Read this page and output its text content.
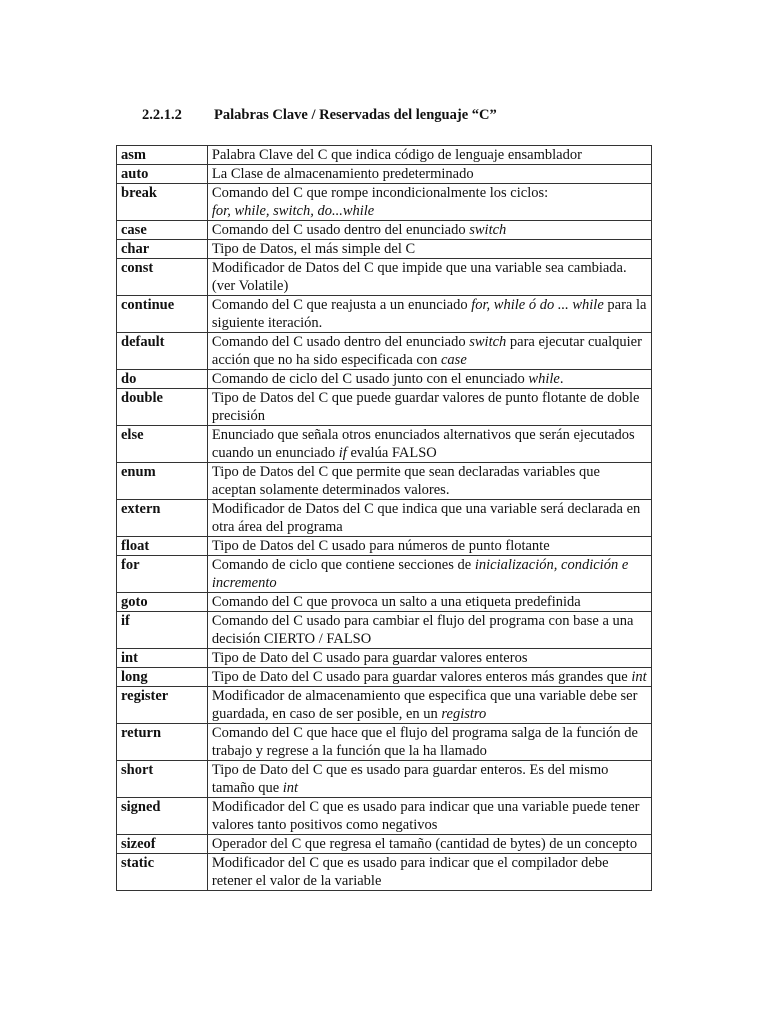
2.2.1.2	Palabras Clave / Reservadas del lenguaje “C”
asm	Palabra Clave del C que indica código de lenguaje ensamblador
auto	La Clase de almacenamiento predeterminado
break	Comando del C que rompe incondicionalmente los ciclos:
for, while, switch, do...while
case	Comando del C usado dentro del enunciado switch
char	Tipo de Datos, el más simple del C
const	Modificador de Datos del C que impide que una variable sea cambiada. (ver Volatile)
continue	Comando del C que reajusta a un enunciado for, while ó do ... while para la siguiente iteración.
default	Comando del C usado dentro del enunciado switch para ejecutar cualquier acción que no ha sido especificada con case
do	Comando de ciclo del C usado junto con el enunciado while.
double	Tipo de Datos del C que puede guardar valores de punto flotante de doble precisión
else	Enunciado que señala otros enunciados alternativos que serán ejecutados cuando un enunciado if evalúa FALSO
enum	Tipo de Datos del C que permite que sean declaradas variables que aceptan solamente determinados valores.
extern	Modificador de Datos del C que indica que una variable será declarada en otra área del programa
float	Tipo de Datos del C usado para números de punto flotante
for	Comando de ciclo que contiene secciones de inicialización, condición e incremento
goto	Comando del C que provoca un salto a una etiqueta predefinida
if	Comando del C usado para cambiar el flujo del programa con base a una decisión CIERTO / FALSO
int	Tipo de Dato del C usado para guardar valores enteros
long	Tipo de Dato del C usado para guardar valores enteros más grandes que int
register	Modificador de almacenamiento que especifica que una variable debe ser guardada, en caso de ser posible, en un registro
return	Comando del C que hace que el flujo del programa salga de la función de trabajo y regrese a la función que la ha llamado
short	Tipo de Dato del C que es usado para guardar enteros. Es del mismo tamaño que int
signed	Modificador del C que es usado para indicar que una variable puede tener valores tanto positivos como negativos
sizeof	Operador del C que regresa el tamaño (cantidad de bytes) de un concepto
static	Modificador del C que es usado para indicar que el compilador debe retener el valor de la variable
